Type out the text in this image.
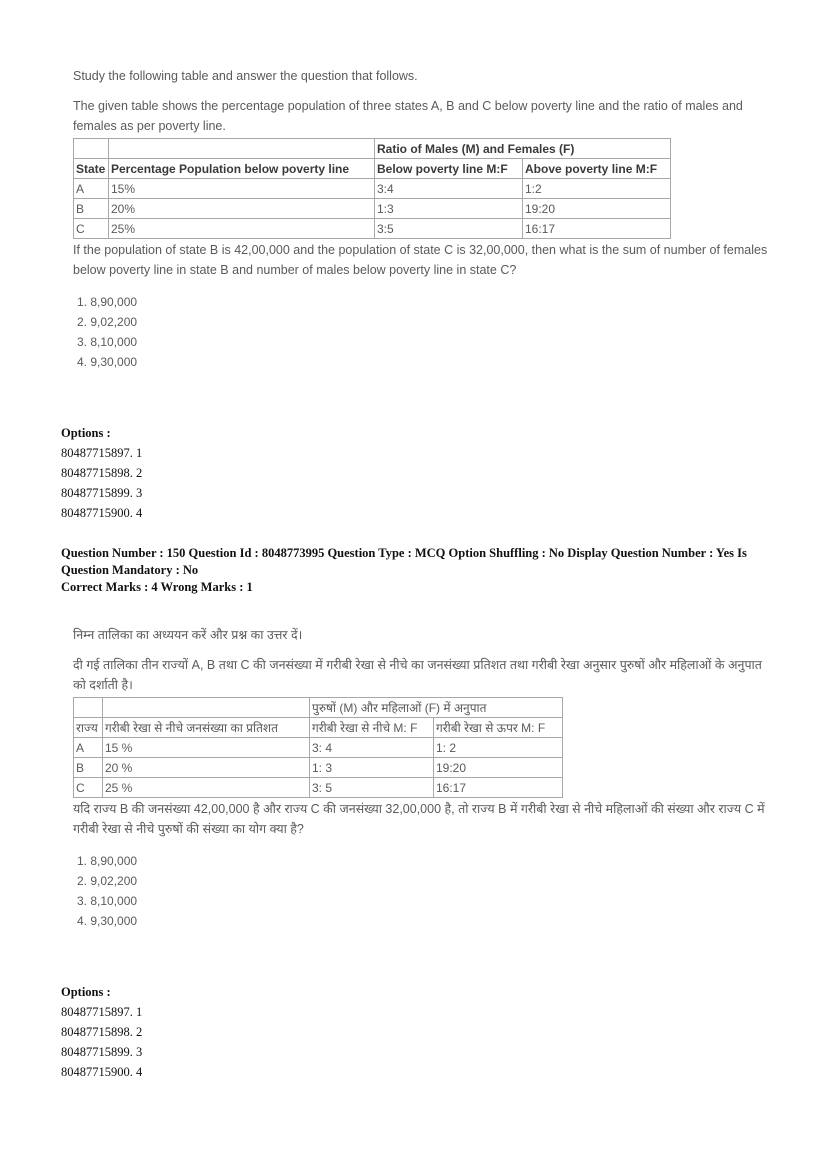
Study the following table and answer the question that follows.

The given table shows the percentage population of three states A, B and C below poverty line and the ratio of males and females as per poverty line.

		Ratio of Males (M) and Females (F)	
State	Percentage Population below poverty line	Below poverty line M:F	Above poverty line M:F
A	15%	3:4	1:2
B	20%	1:3	19:20
C	25%	3:5	16:17

If the population of state B is 42,00,000 and the population of state C is 32,00,000, then what is the sum of number of females below poverty line in state B and number of males below poverty line in state C?

1. 8,90,000
2. 9,02,200
3. 8,10,000
4. 9,30,000
Options :
80487715897. 1
80487715898. 2
80487715899. 3
80487715900. 4
Question Number : 150 Question Id : 8048773995 Question Type : MCQ Option Shuffling : No Display Question Number : Yes Is Question Mandatory : No
Correct Marks : 4 Wrong Marks : 1

निम्न तालिका का अध्ययन करें और प्रश्न का उत्तर दें।

दी गई तालिका तीन राज्यों A, B तथा C की जनसंख्या में गरीबी रेखा से नीचे का जनसंख्या प्रतिशत तथा गरीबी रेखा अनुसार पुरुषों और महिलाओं के अनुपात को दर्शाती है।

		पुरुषों (M) और महिलाओं (F) में अनुपात	
राज्य	गरीबी रेखा से नीचे जनसंख्या का प्रतिशत	गरीबी रेखा से नीचे M: F	गरीबी रेखा से ऊपर M: F
A	15 %	3: 4	1: 2
B	20 %	1: 3	19:20
C	25 %	3: 5	16:17

यदि राज्य B की जनसंख्या 42,00,000 है और राज्य C की जनसंख्या 32,00,000 है, तो राज्य B में गरीबी रेखा से नीचे महिलाओं की संख्या और राज्य C में गरीबी रेखा से नीचे पुरुषों की संख्या का योग क्या है?

1. 8,90,000
2. 9,02,200
3. 8,10,000
4. 9,30,000
Options :
80487715897. 1
80487715898. 2
80487715899. 3
80487715900. 4
